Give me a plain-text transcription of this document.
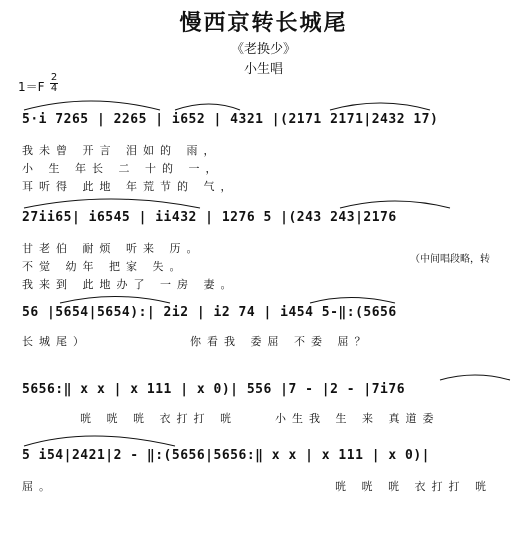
慢西京转长城尾
《老换少》
小生唱
1＝F
2
4
5·i 7265 | 2265 | i652 | 4321 |(2171 2171|2432 17)
我未曾 开言 泪如的 雨，
小 生 年长 二 十的 一，
耳听得 此地 年荒节的 气，
27ii65| i6545 | ii432 | 1276 5 |(243 243|2176
甘老伯 耐烦 听来 历。
不觉 幼年 把家 失。
我来到 此地办了 一房 妻。
（中间唱段略，转
56 |5654|5654):| 2i2 | i2 74 | i454 5-‖:(5656
长城尾）	你看我 委屈 不委 屈？
5656:‖ x x | x 111 | x 0)| 556 |7 - |2 - |7i76
咣 咣 咣 衣打打 咣	小生我 生 来 真道委
5 i54|2421|2 - ‖:(5656|5656:‖ x x | x 111 | x 0)|
屈。	咣 咣 咣 衣打打 咣
